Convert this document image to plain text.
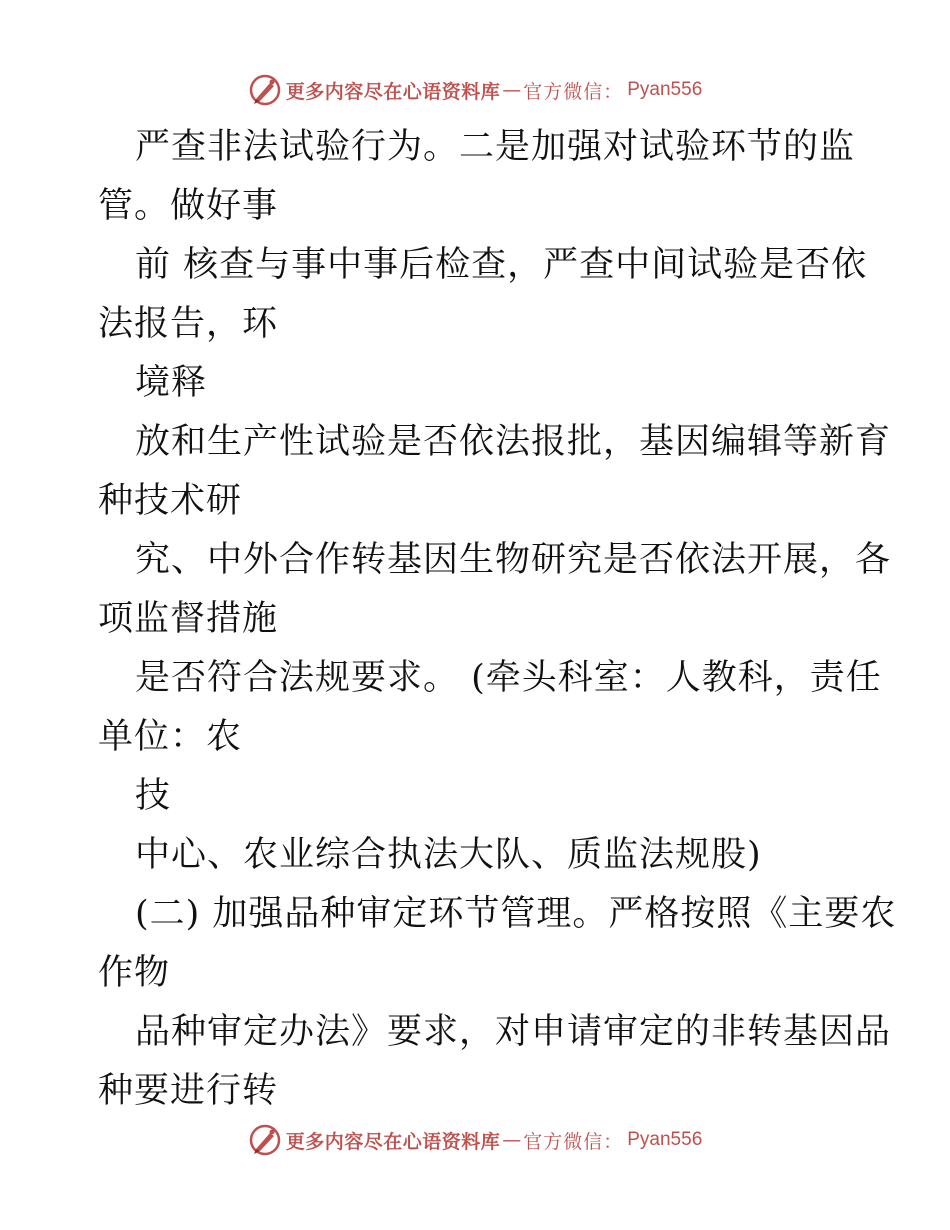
更多内容尽在心语资料库 — 官方微信： Pyan556
严查非法试验行为。二是加强对试验环节的监
管。做好事
前 核查与事中事后检查，严查中间试验是否依
法报告，环
境释
放和生产性试验是否依法报批，基因编辑等新育
种技术研
究、中外合作转基因生物研究是否依法开展，各
项监督措施
是否符合法规要求。 (牵头科室：人教科，责任
单位：农
技
中心、农业综合执法大队、质监法规股)
(二) 加强品种审定环节管理。严格按照《主要农
作物
品种审定办法》要求，对申请审定的非转基因品
种要进行转
更多内容尽在心语资料库 — 官方微信： Pyan556
